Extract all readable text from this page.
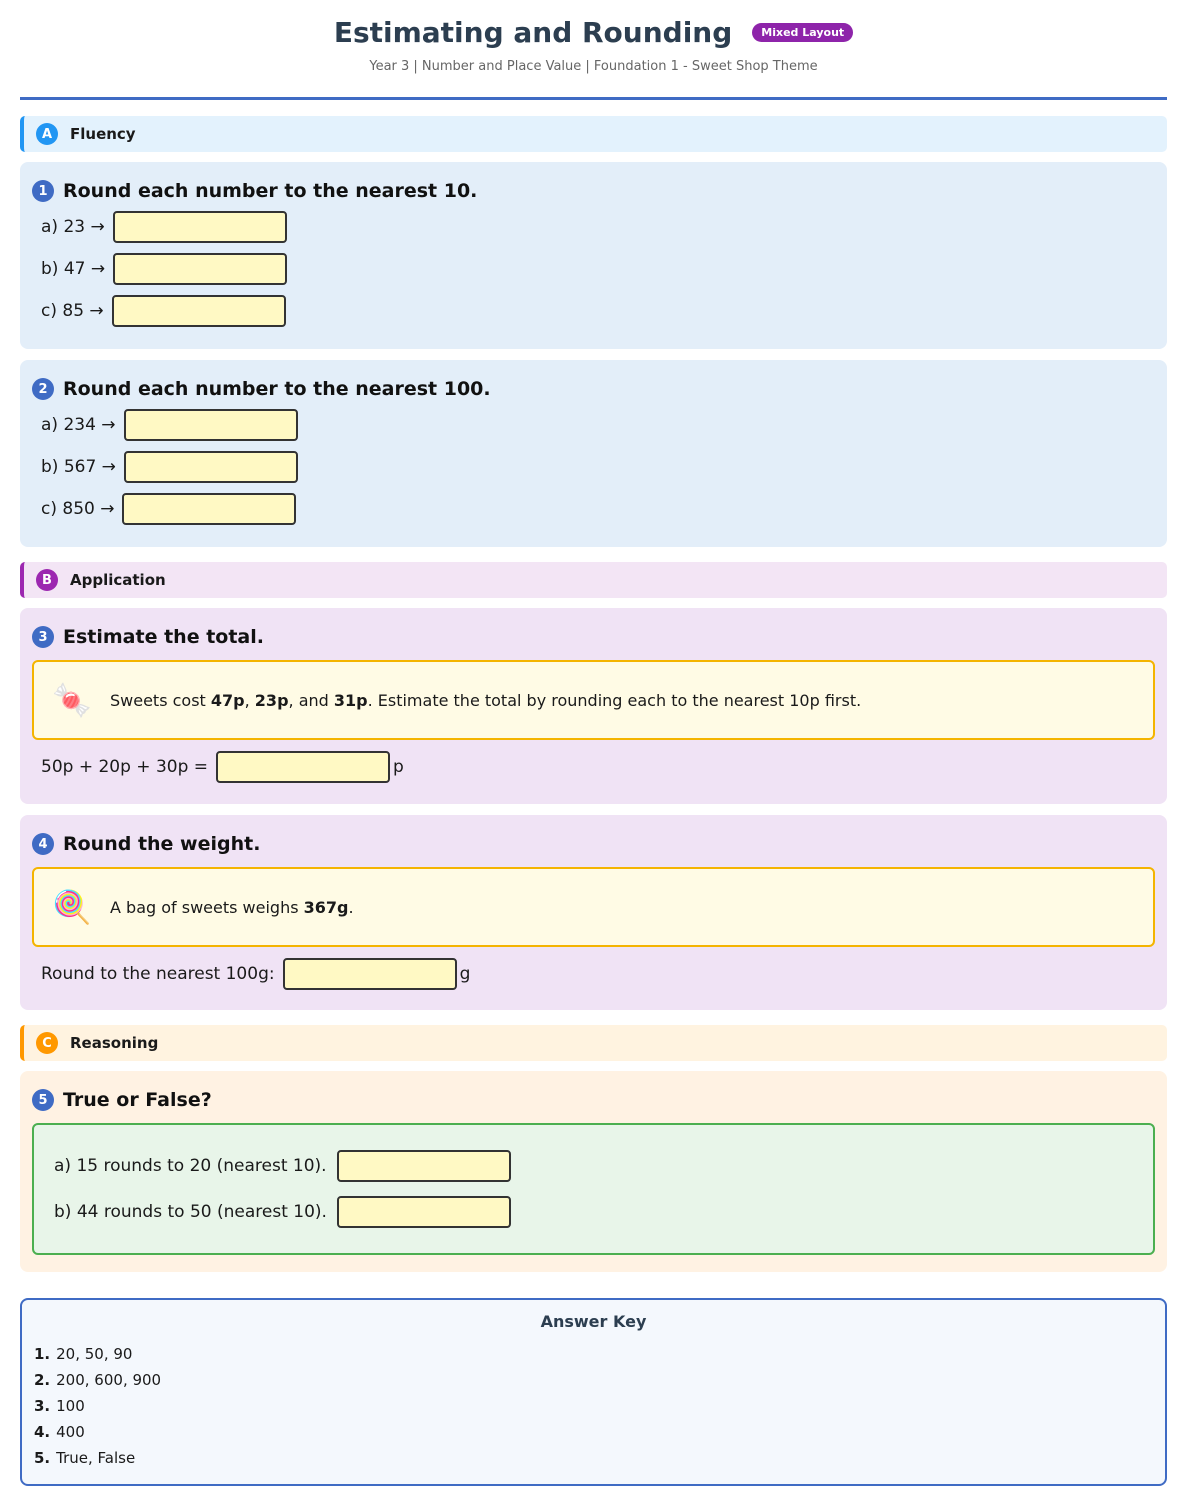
Estimating and Rounding	Mixed Layout
Year 3 | Number and Place Value | Foundation 1 - Sweet Shop Theme
A	Fluency
1 Round each number to the nearest 10.
a) 23 →
b) 47 →
c) 85 →
2 Round each number to the nearest 100.
a) 234 →
b) 567 →
c) 850 →
B	Application
3 Estimate the total.
🍬	Sweets cost 47p, 23p, and 31p. Estimate the total by rounding each to the nearest 10p first.
50p + 20p + 30p =	p
4 Round the weight.
🍭	A bag of sweets weighs 367g.
Round to the nearest 100g:	g
C	Reasoning
5 True or False?
a) 15 rounds to 20 (nearest 10).
b) 44 rounds to 50 (nearest 10).
Answer Key
1. 20, 50, 90
2. 200, 600, 900
3. 100
4. 400
5. True, False
